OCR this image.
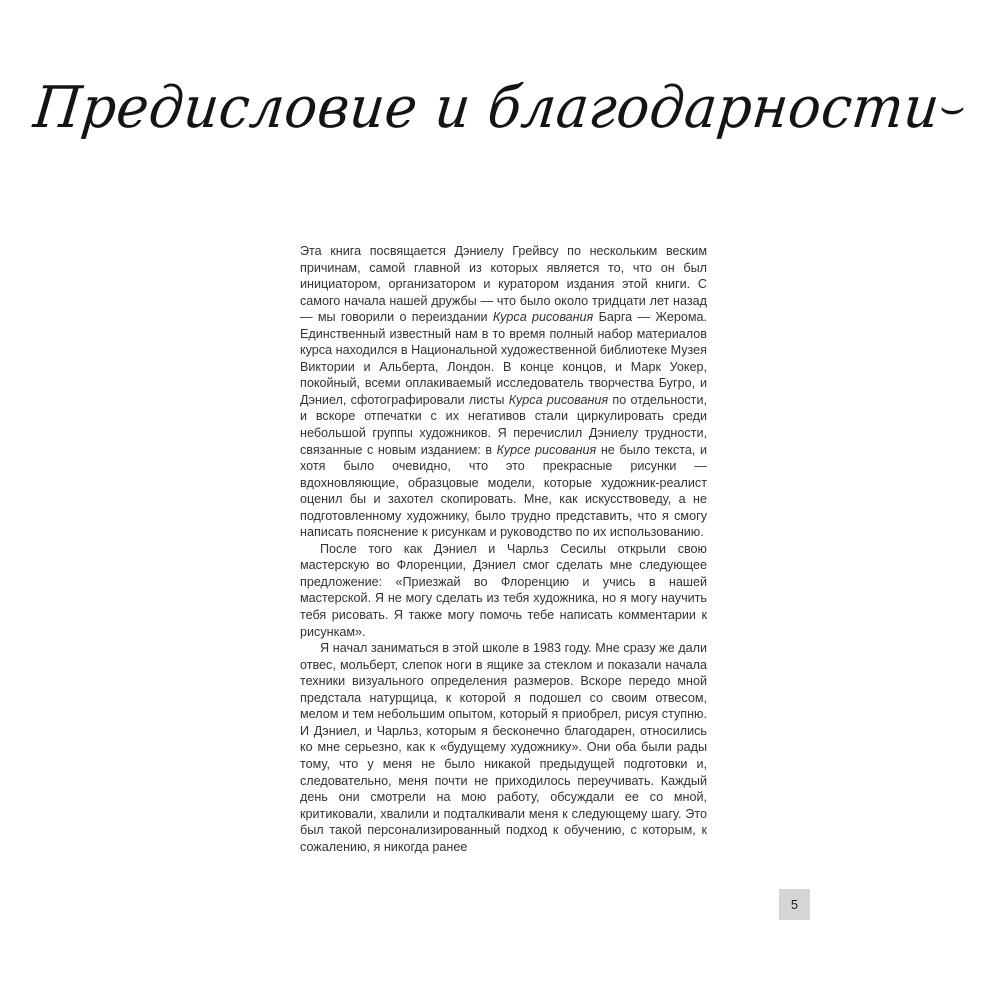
Предисловие и благодарности⌣

Эта книга посвящается Дэниелу Грейвсу по нескольким веским причинам, самой главной из которых является то, что он был инициатором, организатором и куратором издания этой книги. С самого начала нашей дружбы — что было около тридцати лет назад — мы говорили о переиздании Курса рисования Барга — Жерома. Единственный известный нам в то время полный набор материалов курса находился в Национальной художественной библиотеке Музея Виктории и Альберта, Лондон. В конце концов, и Марк Уокер, покойный, всеми оплакиваемый исследователь творчества Бугро, и Дэниел, сфотографировали листы Курса рисования по отдельности, и вскоре отпечатки с их негативов стали циркулировать среди небольшой группы художников. Я перечислил Дэниелу трудности, связанные с новым изданием: в Курсе рисования не было текста, и хотя было очевидно, что это прекрасные рисунки — вдохновляющие, образцовые модели, которые художник-реалист оценил бы и захотел скопировать. Мне, как искусствоведу, а не подготовленному художнику, было трудно представить, что я смогу написать пояснение к рисункам и руководство по их использованию.

После того как Дэниел и Чарльз Сесилы открыли свою мастерскую во Флоренции, Дэниел смог сделать мне следующее предложение: «Приезжай во Флоренцию и учись в нашей мастерской. Я не могу сделать из тебя художника, но я могу научить тебя рисовать. Я также могу помочь тебе написать комментарии к рисункам».

Я начал заниматься в этой школе в 1983 году. Мне сразу же дали отвес, мольберт, слепок ноги в ящике за стеклом и показали начала техники визуального определения размеров. Вскоре передо мной предстала натурщица, к которой я подошел со своим отвесом, мелом и тем небольшим опытом, который я приобрел, рисуя ступню. И Дэниел, и Чарльз, которым я бесконечно благодарен, относились ко мне серьезно, как к «будущему художнику». Они оба были рады тому, что у меня не было никакой предыдущей подготовки и, следовательно, меня почти не приходилось переучивать. Каждый день они смотрели на мою работу, обсуждали ее со мной, критиковали, хвалили и подталкивали меня к следующему шагу. Это был такой персонализированный подход к обучению, с которым, к сожалению, я никогда ранее

5
